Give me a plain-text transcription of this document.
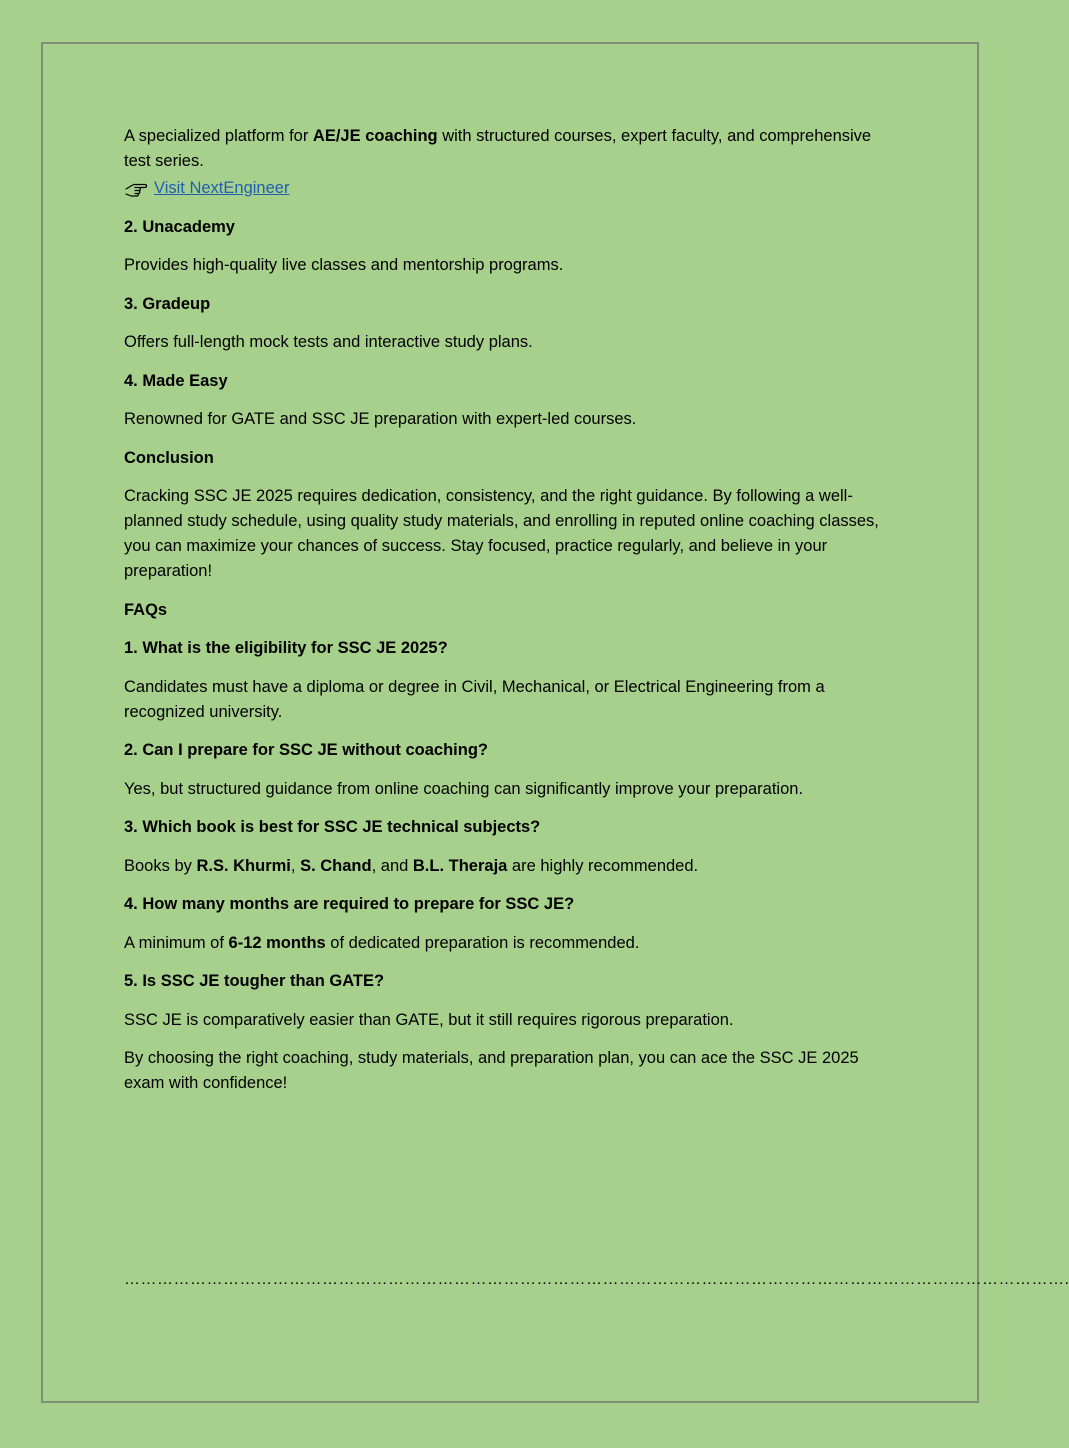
A specialized platform for AE/JE coaching with structured courses, expert faculty, and comprehensive test series.

Visit NextEngineer

2. Unacademy

Provides high-quality live classes and mentorship programs.

3. Gradeup

Offers full-length mock tests and interactive study plans.

4. Made Easy

Renowned for GATE and SSC JE preparation with expert-led courses.

Conclusion

Cracking SSC JE 2025 requires dedication, consistency, and the right guidance. By following a well-planned study schedule, using quality study materials, and enrolling in reputed online coaching classes, you can maximize your chances of success. Stay focused, practice regularly, and believe in your preparation!

FAQs

1. What is the eligibility for SSC JE 2025?

Candidates must have a diploma or degree in Civil, Mechanical, or Electrical Engineering from a recognized university.

2. Can I prepare for SSC JE without coaching?

Yes, but structured guidance from online coaching can significantly improve your preparation.

3. Which book is best for SSC JE technical subjects?

Books by R.S. Khurmi, S. Chand, and B.L. Theraja are highly recommended.

4. How many months are required to prepare for SSC JE?

A minimum of 6-12 months of dedicated preparation is recommended.

5. Is SSC JE tougher than GATE?

SSC JE is comparatively easier than GATE, but it still requires rigorous preparation.

By choosing the right coaching, study materials, and preparation plan, you can ace the SSC JE 2025 exam with confidence!

……………………………………………………………………………………………………………………………………………………….
